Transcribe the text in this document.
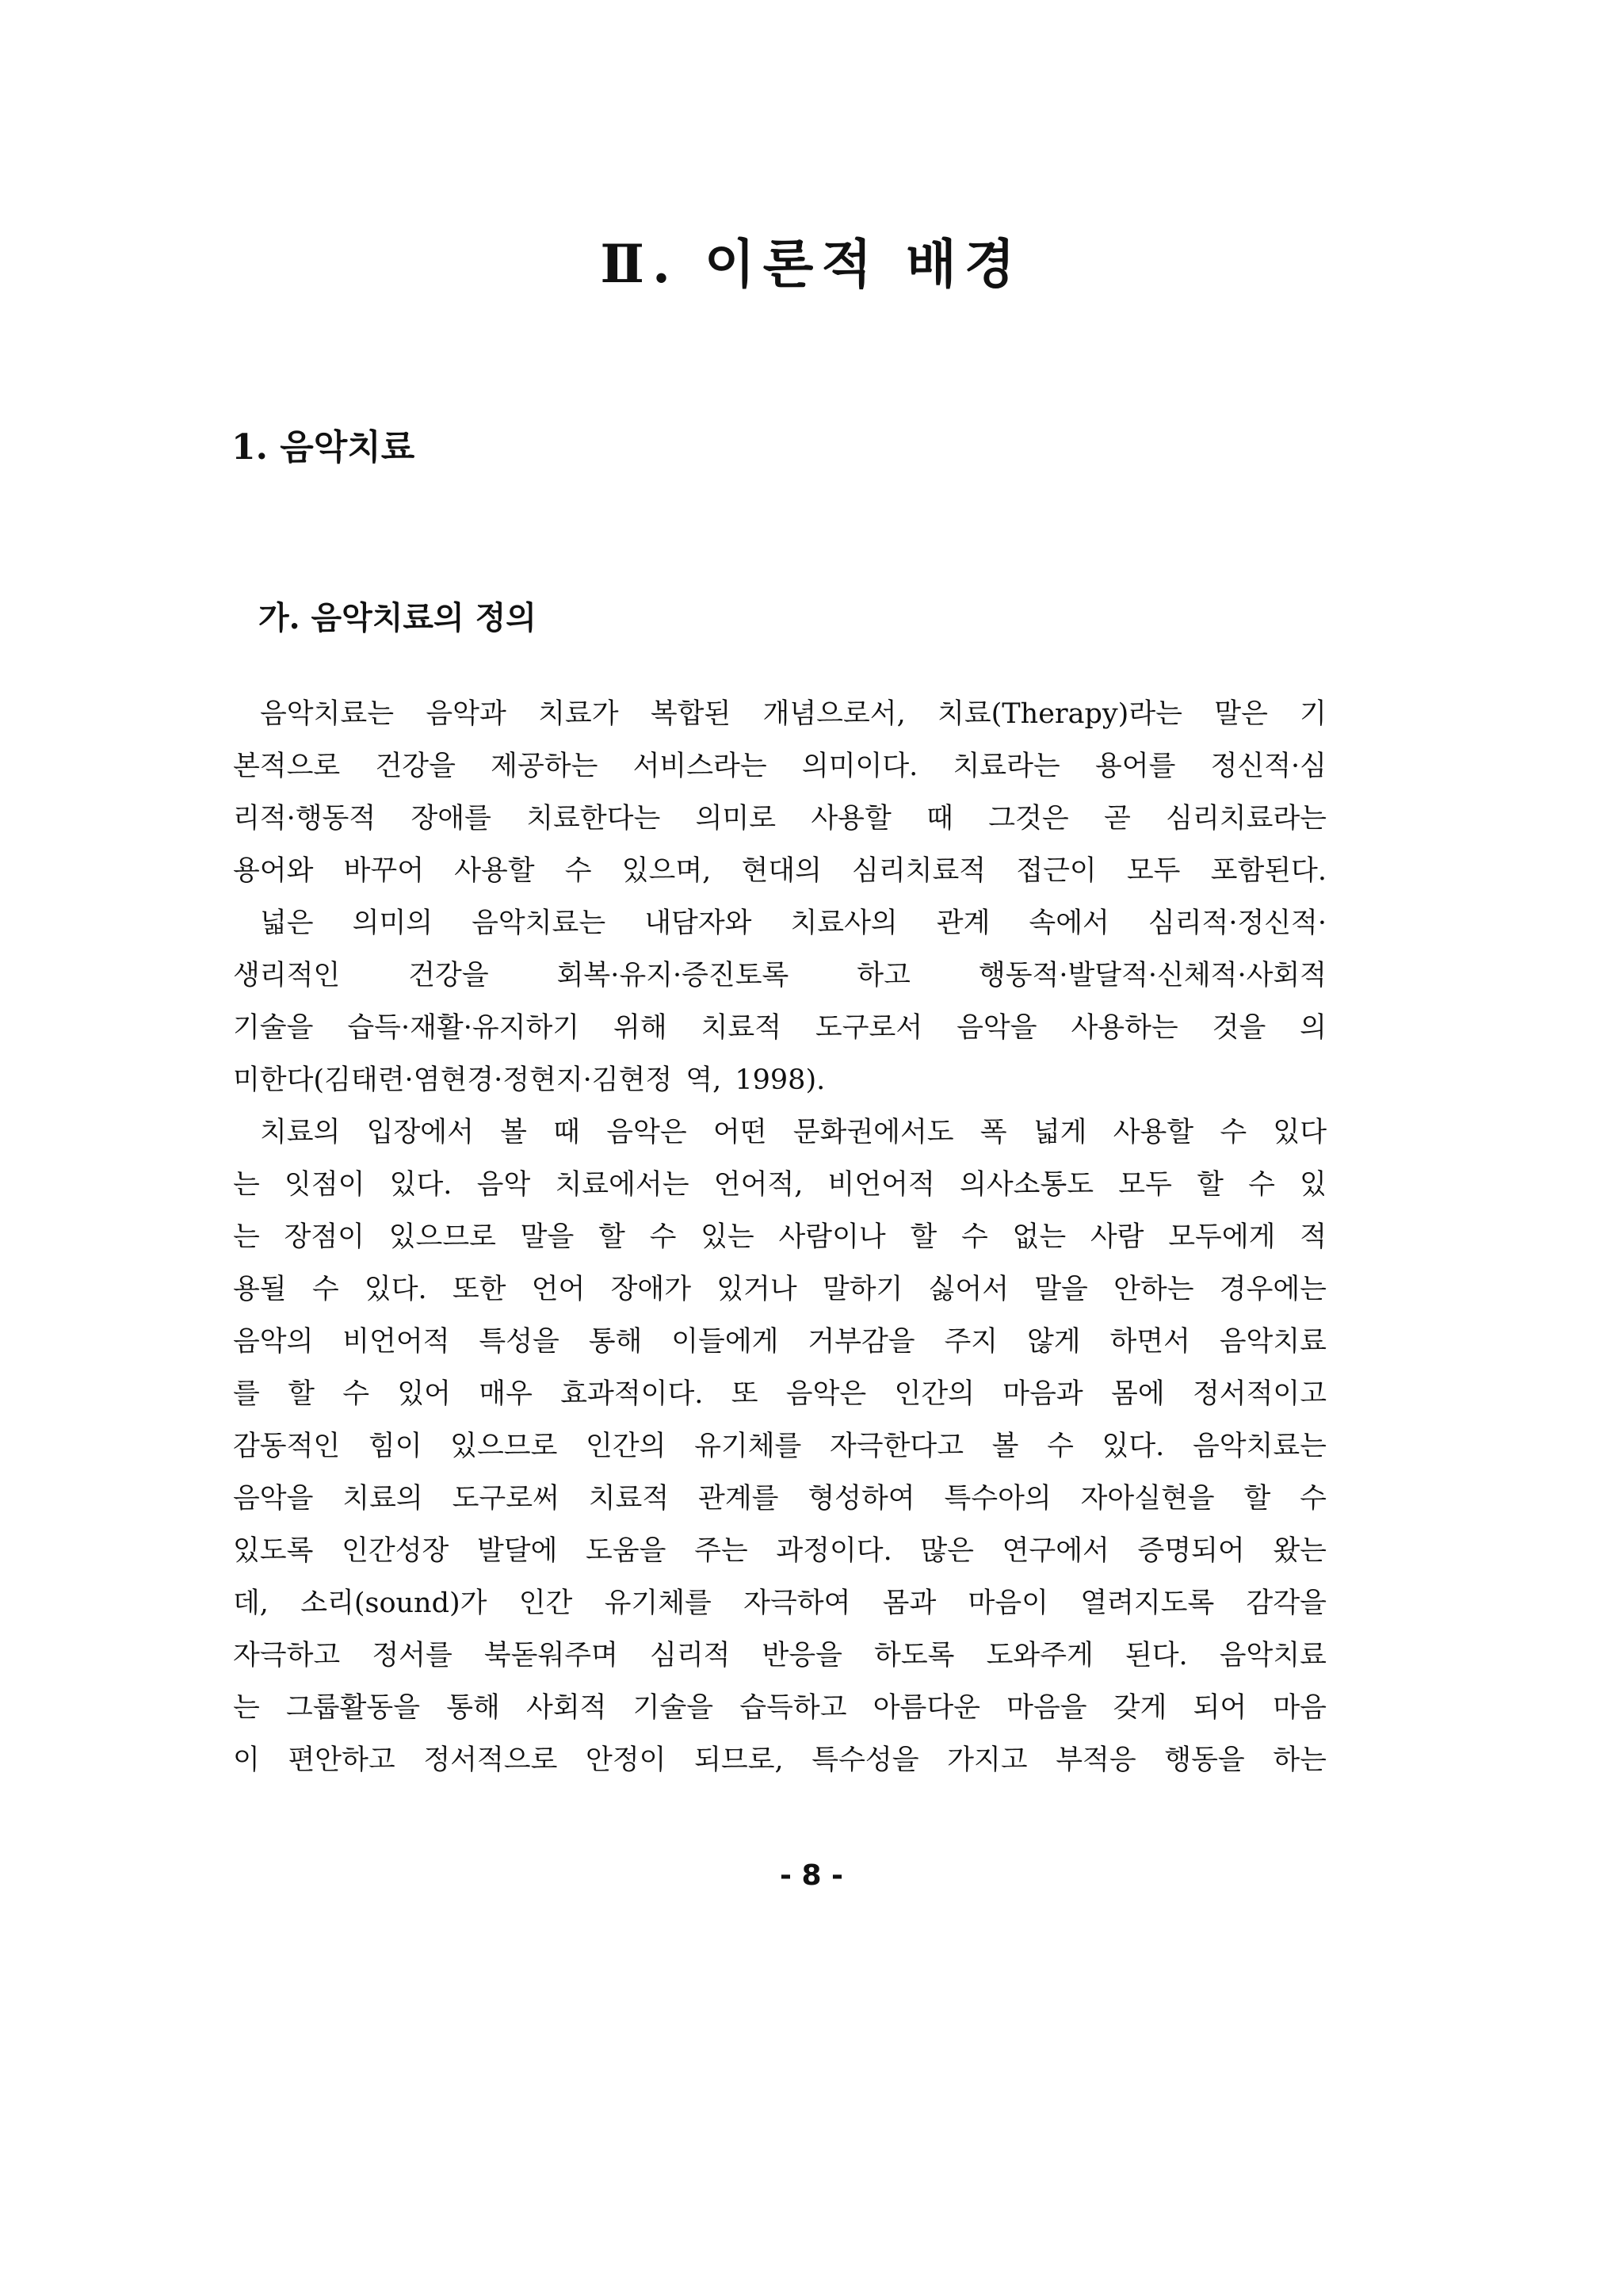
Ⅱ. 이론적 배경
1. 음악치료
가. 음악치료의 정의
음악치료는 음악과 치료가 복합된 개념으로서, 치료(Therapy)라는 말은 기
본적으로 건강을 제공하는 서비스라는 의미이다. 치료라는 용어를 정신적·심
리적·행동적 장애를 치료한다는 의미로 사용할 때 그것은 곧 심리치료라는
용어와 바꾸어 사용할 수 있으며, 현대의 심리치료적 접근이 모두 포함된다.
넓은 의미의 음악치료는 내담자와 치료사의 관계 속에서 심리적·정신적·
생리적인 건강을 회복·유지·증진토록 하고 행동적·발달적·신체적·사회적
기술을 습득·재활·유지하기 위해 치료적 도구로서 음악을 사용하는 것을 의
미한다(김태련·염현경·정현지·김현정 역, 1998).
치료의 입장에서 볼 때 음악은 어떤 문화권에서도 폭 넓게 사용할 수 있다
는 잇점이 있다. 음악 치료에서는 언어적, 비언어적 의사소통도 모두 할 수 있
는 장점이 있으므로 말을 할 수 있는 사람이나 할 수 없는 사람 모두에게 적
용될 수 있다. 또한 언어 장애가 있거나 말하기 싫어서 말을 안하는 경우에는
음악의 비언어적 특성을 통해 이들에게 거부감을 주지 않게 하면서 음악치료
를 할 수 있어 매우 효과적이다. 또 음악은 인간의 마음과 몸에 정서적이고
감동적인 힘이 있으므로 인간의 유기체를 자극한다고 볼 수 있다. 음악치료는
음악을 치료의 도구로써 치료적 관계를 형성하여 특수아의 자아실현을 할 수
있도록 인간성장 발달에 도움을 주는 과정이다. 많은 연구에서 증명되어 왔는
데, 소리(sound)가 인간 유기체를 자극하여 몸과 마음이 열려지도록 감각을
자극하고 정서를 북돋워주며 심리적 반응을 하도록 도와주게 된다. 음악치료
는 그룹활동을 통해 사회적 기술을 습득하고 아름다운 마음을 갖게 되어 마음
이 편안하고 정서적으로 안정이 되므로, 특수성을 가지고 부적응 행동을 하는
- 8 -
